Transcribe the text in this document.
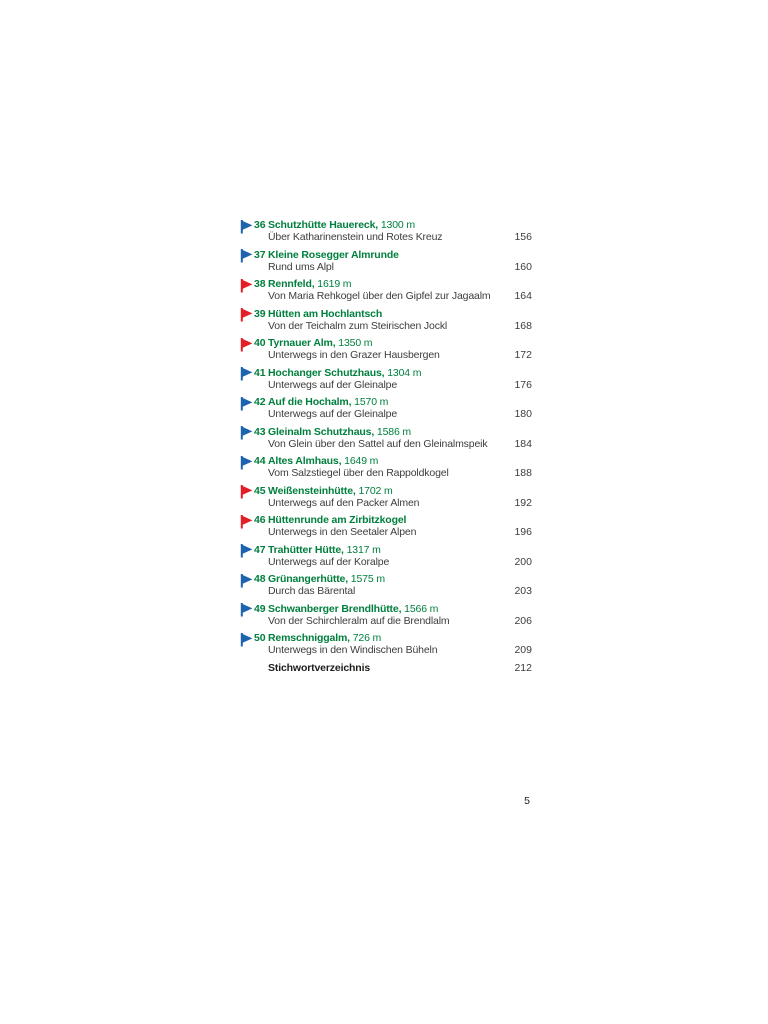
36 Schutzhütte Hauereck, 1300 m
Über Katharinenstein und Rotes Kreuz	156
37 Kleine Rosegger Almrunde
Rund ums Alpl	160
38 Rennfeld, 1619 m
Von Maria Rehkogel über den Gipfel zur Jagaalm	164
39 Hütten am Hochlantsch
Von der Teichalm zum Steirischen Jockl	168
40 Tyrnauer Alm, 1350 m
Unterwegs in den Grazer Hausbergen	172
41 Hochanger Schutzhaus, 1304 m
Unterwegs auf der Gleinalpe	176
42 Auf die Hochalm, 1570 m
Unterwegs auf der Gleinalpe	180
43 Gleinalm Schutzhaus, 1586 m
Von Glein über den Sattel auf den Gleinalmspeik	184
44 Altes Almhaus, 1649 m
Vom Salzstiegel über den Rappoldkogel	188
45 Weißensteinhütte, 1702 m
Unterwegs auf den Packer Almen	192
46 Hüttenrunde am Zirbitzkogel
Unterwegs in den Seetaler Alpen	196
47 Trahütter Hütte, 1317 m
Unterwegs auf der Koralpe	200
48 Grünangerhütte, 1575 m
Durch das Bärental	203
49 Schwanberger Brendlhütte, 1566 m
Von der Schirchleralm auf die Brendlalm	206
50 Remschniggalm, 726 m
Unterwegs in den Windischen Büheln	209
Stichwortverzeichnis	212
5
